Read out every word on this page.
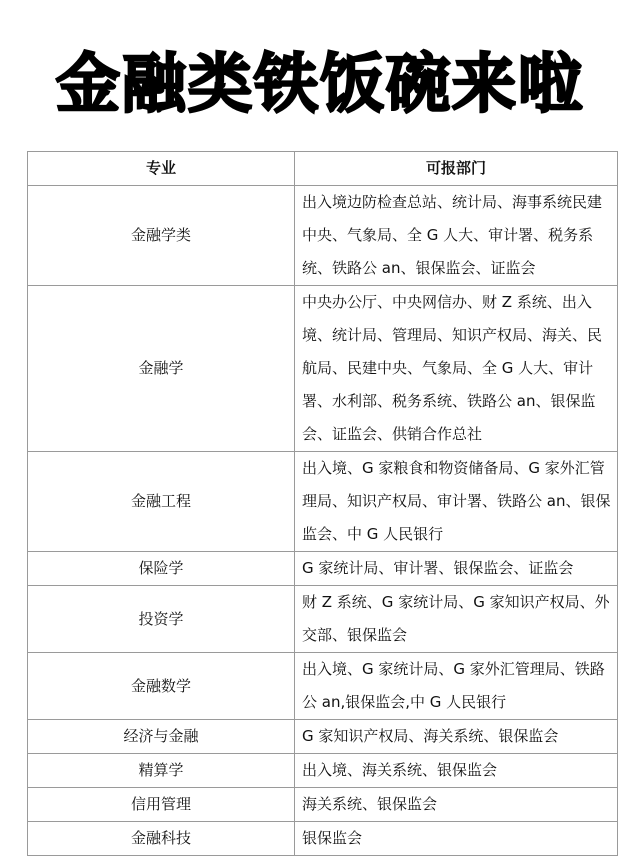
金融类铁饭碗来啦
专业	可报部门
金融学类	出入境边防检查总站、统计局、海事系统民建中央、气象局、全 G 人大、审计署、税务系统、铁路公 an、银保监会、证监会
金融学	中央办公厅、中央网信办、财 Z 系统、出入境、统计局、管理局、知识产权局、海关、民航局、民建中央、气象局、全 G 人大、审计署、水利部、税务系统、铁路公 an、银保监会、证监会、供销合作总社
金融工程	出入境、G 家粮食和物资储备局、G 家外汇管理局、知识产权局、审计署、铁路公 an、银保监会、中 G 人民银行
保险学	G 家统计局、审计署、银保监会、证监会
投资学	财 Z 系统、G 家统计局、G 家知识产权局、外交部、银保监会
金融数学	出入境、G 家统计局、G 家外汇管理局、铁路公 an,银保监会,中 G 人民银行
经济与金融	G 家知识产权局、海关系统、银保监会
精算学	出入境、海关系统、银保监会
信用管理	海关系统、银保监会
金融科技	银保监会
